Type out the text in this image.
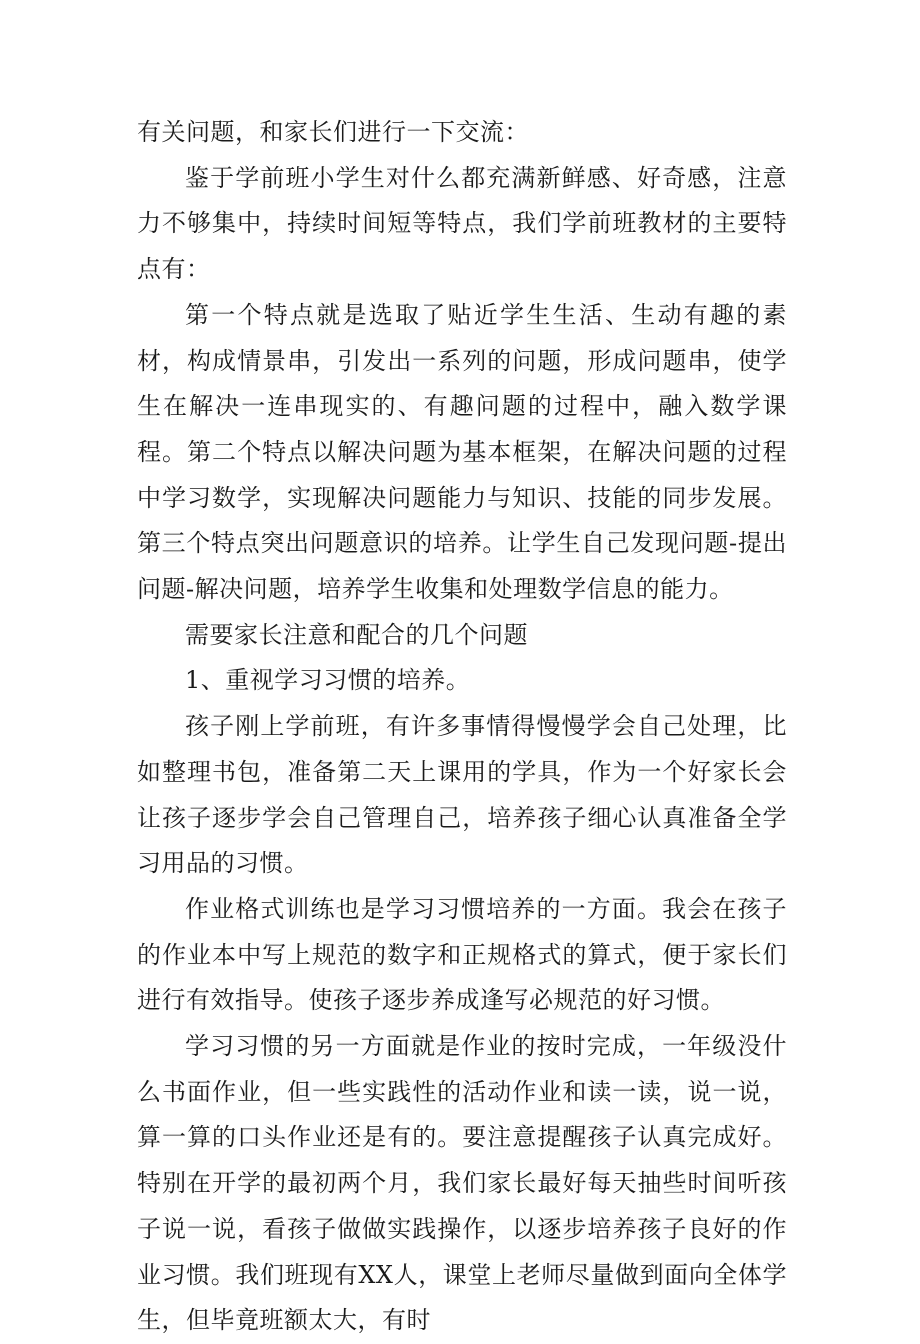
有关问题，和家长们进行一下交流：

鉴于学前班小学生对什么都充满新鲜感、好奇感，注意力不够集中，持续时间短等特点，我们学前班教材的主要特点有：

第一个特点就是选取了贴近学生生活、生动有趣的素材，构成情景串，引发出一系列的问题，形成问题串，使学生在解决一连串现实的、有趣问题的过程中，融入数学课程。第二个特点以解决问题为基本框架，在解决问题的过程中学习数学，实现解决问题能力与知识、技能的同步发展。第三个特点突出问题意识的培养。让学生自己发现问题-提出问题-解决问题，培养学生收集和处理数学信息的能力。

需要家长注意和配合的几个问题

1、重视学习习惯的培养。

孩子刚上学前班，有许多事情得慢慢学会自己处理，比如整理书包，准备第二天上课用的学具，作为一个好家长会让孩子逐步学会自己管理自己，培养孩子细心认真准备全学习用品的习惯。

作业格式训练也是学习习惯培养的一方面。我会在孩子的作业本中写上规范的数字和正规格式的算式，便于家长们进行有效指导。使孩子逐步养成逢写必规范的好习惯。

学习习惯的另一方面就是作业的按时完成，一年级没什么书面作业，但一些实践性的活动作业和读一读，说一说，算一算的口头作业还是有的。要注意提醒孩子认真完成好。特别在开学的最初两个月，我们家长最好每天抽些时间听孩子说一说，看孩子做做实践操作，以逐步培养孩子良好的作业习惯。我们班现有XX人，课堂上老师尽量做到面向全体学生，但毕竟班额太大，有时
